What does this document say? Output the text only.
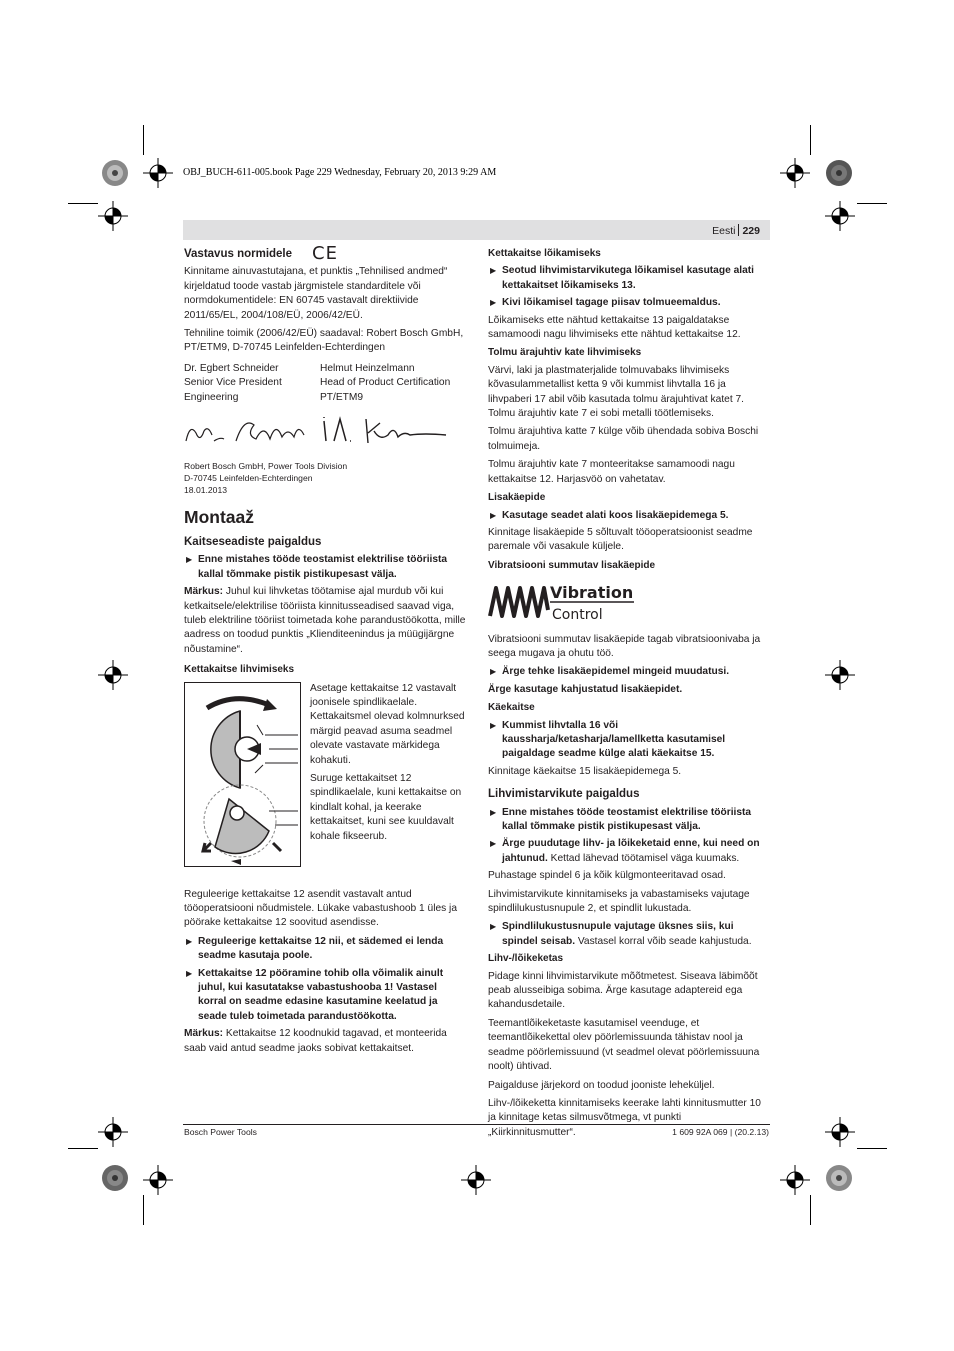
OBJ_BUCH-611-005.book Page 229 Wednesday, February 20, 2013 9:29 AM
Eesti 229
Vastavus normidele CE

Kinnitame ainuvastutajana, et punktis „Tehnilised andmed“ kirjeldatud toode vastab järgmistele standarditele või normdokumentidele: EN 60745 vastavalt direktiivide 2011/65/EL, 2004/108/EÜ, 2006/42/EÜ.

Tehniline toimik (2006/42/EÜ) saadaval: Robert Bosch GmbH, PT/ETM9, D-70745 Leinfelden-Echterdingen

Dr. Egbert Schneider
Senior Vice President
Engineering
Helmut Heinzelmann
Head of Product Certification
PT/ETM9
Robert Bosch GmbH, Power Tools Division
D-70745 Leinfelden-Echterdingen
18.01.2013
Montaaž
Kaitseseadiste paigaldus
▶ Enne mistahes tööde teostamist elektrilise tööriista kallal tõmmake pistik pistikupesast välja.

Märkus: Juhul kui lihvketas töötamise ajal murdub või kui ketkaitsele/elektrilise tööriista kinnitusseadised saavad viga, tuleb elektriline tööriist toimetada kohe parandustöökotta, mille aadress on toodud punktis „Klienditeenindus ja müügijärgne nõustamine“.

Kettakaitse lihvimiseks

Asetage kettakaitse 12 vastavalt joonisele spindlikaelale. Kettakaitsmel olevad kolmnurksed märgid peavad asuma seadmel olevate vastavate märkidega kohakuti.

Suruge kettakaitset 12 spindlikaelale, kuni kettakaitse on kindlalt kohal, ja keerake kettakaitset, kuni see kuuldavalt kohale fikseerub.

Reguleerige kettakaitse 12 asendit vastavalt antud tööoperatsiooni nõudmistele. Lükake vabastushoob 1 üles ja pöörake kettakaitse 12 soovitud asendisse.

▶ Reguleerige kettakaitse 12 nii, et sädemed ei lenda seadme kasutaja poole.
▶ Kettakaitse 12 pööramine tohib olla võimalik ainult juhul, kui kasutatakse vabastushooba 1! Vastasel korral on seadme edasine kasutamine keelatud ja seade tuleb toimetada parandustöökotta.

Märkus: Kettakaitse 12 koodnukid tagavad, et monteerida saab vaid antud seadme jaoks sobivat kettakaitset.

Kettakaitse lõikamiseks
▶ Seotud lihvimistarvikutega lõikamisel kasutage alati kettakaitset lõikamiseks 13.
▶ Kivi lõikamisel tagage piisav tolmueemaldus.

Lõikamiseks ette nähtud kettakaitse 13 paigaldatakse samamoodi nagu lihvimiseks ette nähtud kettakaitse 12.

Tolmu ärajuhtiv kate lihvimiseks

Värvi, laki ja plastmaterjalide tolmuvabaks lihvimiseks kõvasulammetallist ketta 9 või kummist lihvtalla 16 ja lihvpaberi 17 abil võib kasutada tolmu ärajuhtivat katet 7. Tolmu ärajuhtiv kate 7 ei sobi metalli töötlemiseks.

Tolmu ärajuhtiva katte 7 külge võib ühendada sobiva Boschi tolmuimeja.

Tolmu ärajuhtiv kate 7 monteeritakse samamoodi nagu kettakaitse 12. Harjasvöö on vahetatav.

Lisakäepide
▶ Kasutage seadet alati koos lisakäepidemega 5.

Kinnitage lisakäepide 5 sõltuvalt tööoperatsioonist seadme paremale või vasakule küljele.

Vibratsiooni summutav lisakäepide
Vibration
Control

Vibratsiooni summutav lisakäepide tagab vibratsioonivaba ja seega mugava ja ohutu töö.

▶ Ärge tehke lisakäepidemel mingeid muudatusi.

Ärge kasutage kahjustatud lisakäepidet.

Käekaitse
▶ Kummist lihvtalla 16 või kaussharja/ketasharja/lamellketta kasutamisel paigaldage seadme külge alati käekaitse 15.

Kinnitage käekaitse 15 lisakäepidemega 5.

Lihvimistarvikute paigaldus
▶ Enne mistahes tööde teostamist elektrilise tööriista kallal tõmmake pistik pistikupesast välja.
▶ Ärge puudutage lihv- ja lõikeketaid enne, kui need on jahtunud. Kettad lähevad töötamisel väga kuumaks.

Puhastage spindel 6 ja kõik külgmonteeritavad osad.

Lihvimistarvikute kinnitamiseks ja vabastamiseks vajutage spindlilukustusnupule 2, et spindlit lukustada.

▶ Spindlilukustusnupule vajutage üksnes siis, kui spindel seisab. Vastasel korral võib seade kahjustuda.
Lihv-/lõikeketas

Pidage kinni lihvimistarvikute mõõtmetest. Siseava läbimõõt peab alusseibiga sobima. Ärge kasutage adaptereid ega kahandusdetaile.

Teemantlõikeketaste kasutamisel veenduge, et teemantlõikekettal olev pöörlemissuunda tähistav nool ja seadme pöörlemissuund (vt seadmel olevat pöörlemissuuna noolt) ühtivad.

Paigalduse järjekord on toodud jooniste leheküljel.

Lihv-/lõikeketta kinnitamiseks keerake lahti kinnitusmutter 10 ja kinnitage ketas silmusvõtmega, vt punkti „Kiirkinnitusmutter“.

Bosch Power Tools	1 609 92A 069 | (20.2.13)
